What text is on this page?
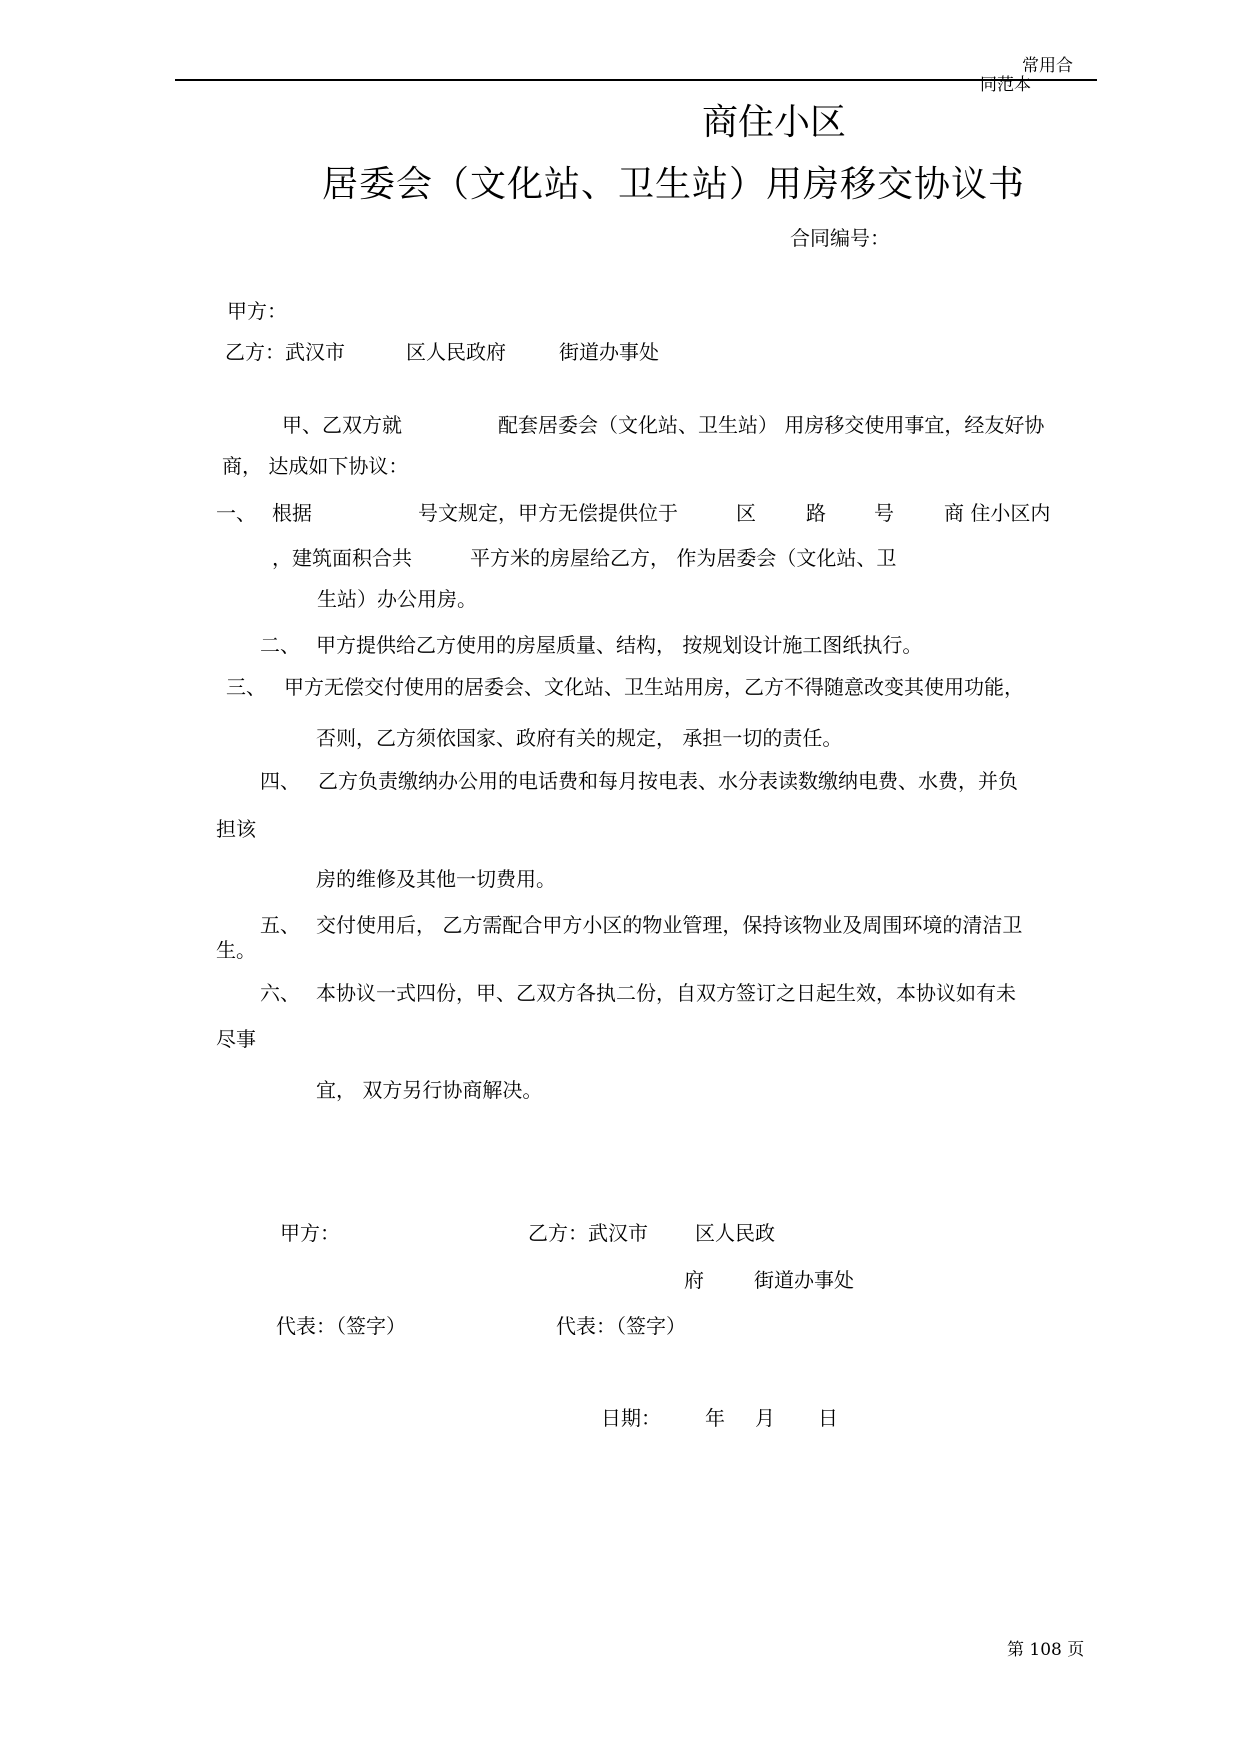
常用合
同范本
商住小区
居委会（文化站、卫生站）用房移交协议书
合同编号：
甲方：
乙方：武汉市	区人民政府	街道办事处
甲、乙双方就	配套居委会（文化站、卫生站） 用房移交使用事宜，经友好协
商， 达成如下协议：
一、 根据	号文规定，甲方无偿提供位于	区	路 号	商 住小区内
，建筑面积合共	平方米的房屋给乙方， 作为居委会（文化站、卫
生站）办公用房。
二、 甲方提供给乙方使用的房屋质量、结构， 按规划设计施工图纸执行。
三、 甲方无偿交付使用的居委会、文化站、卫生站用房，乙方不得随意改变其使用功能，
否则，乙方须依国家、政府有关的规定， 承担一切的责任。
四、 乙方负责缴纳办公用的电话费和每月按电表、水分表读数缴纳电费、水费，并负
担该
房的维修及其他一切费用。
五、 交付使用后， 乙方需配合甲方小区的物业管理，保持该物业及周围环境的清洁卫
生。
六、 本协议一式四份，甲、乙双方各执二份，自双方签订之日起生效，本协议如有未
尽事
宜， 双方另行协商解决。
甲方：	乙方：武汉市 区人民政
府	街道办事处
代表：（签字）	代表：（签字）
日期： 年 月 日
第 108 页
